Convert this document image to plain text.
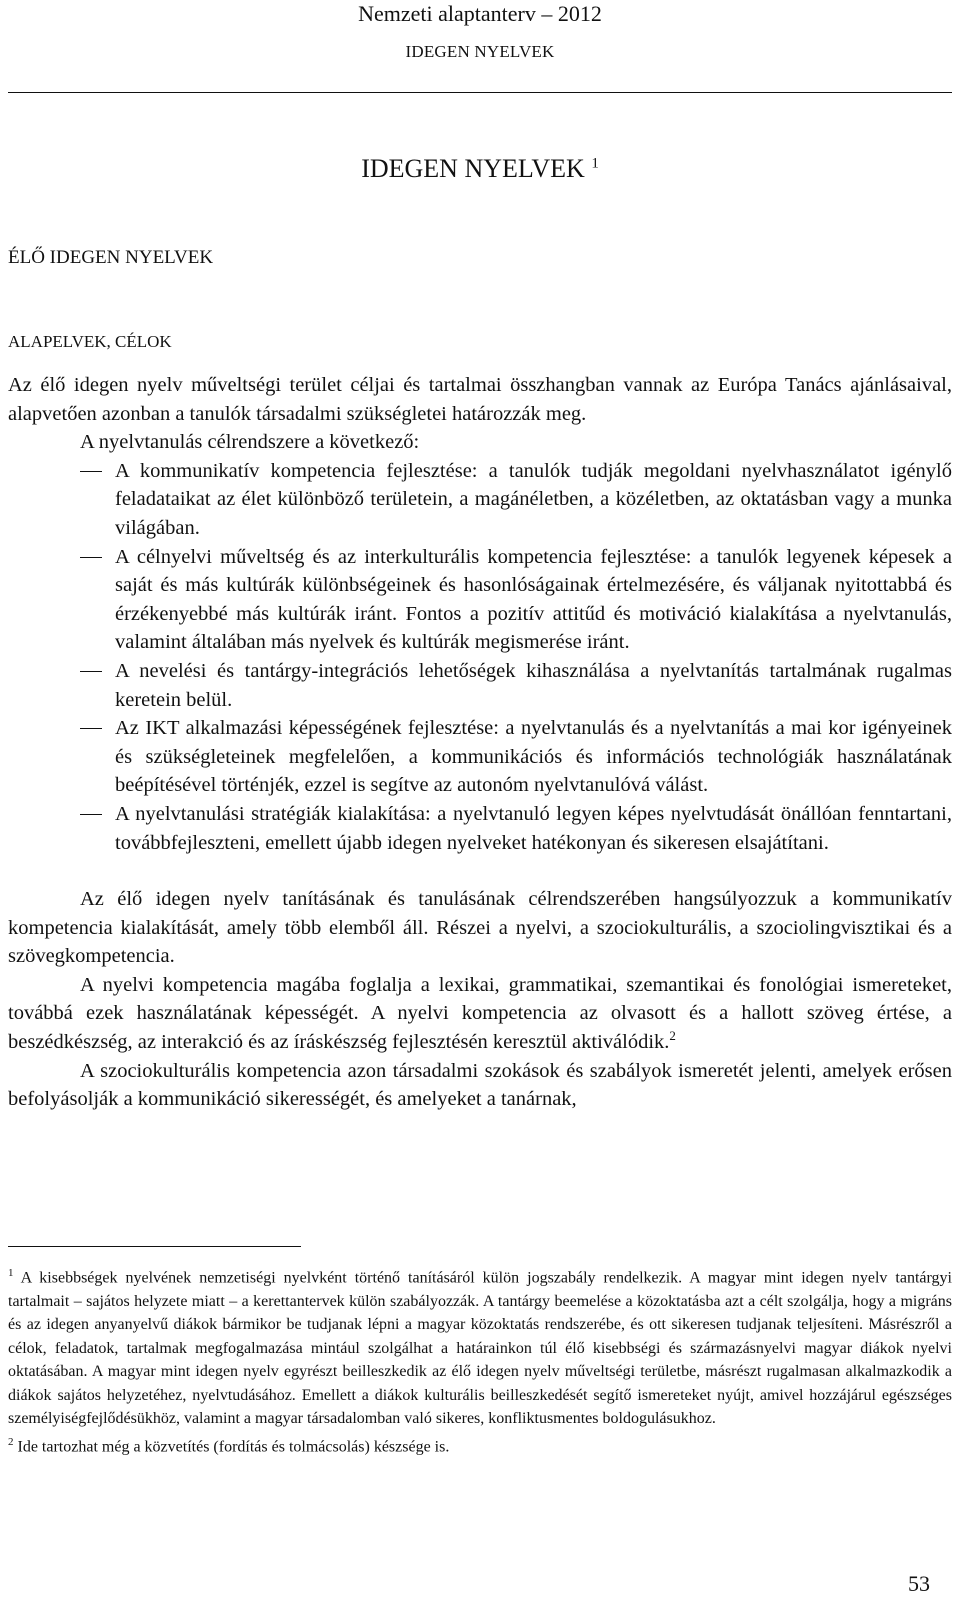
Nemzeti alaptanterv – 2012
IDEGEN NYELVEK
IDEGEN NYELVEK $^1$
ÉLŐ IDEGEN NYELVEK
ALAPELVEK, CÉLOK

Az élő idegen nyelv műveltségi terület céljai és tartalmai összhangban vannak az Európa Tanács ajánlásaival, alapvetően azonban a tanulók társadalmi szükségletei határozzák meg.

A nyelvtanulás célrendszere a következő:

A kommunikatív kompetencia fejlesztése: a tanulók tudják megoldani nyelvhasználatot igénylő feladataikat az élet különböző területein, a magánéletben, a közéletben, az oktatásban vagy a munka világában.
A célnyelvi műveltség és az interkulturális kompetencia fejlesztése: a tanulók legyenek képesek a saját és más kultúrák különbségeinek és hasonlóságainak értelmezésére, és váljanak nyitottabbá és érzékenyebbé más kultúrák iránt. Fontos a pozitív attitűd és motiváció kialakítása a nyelvtanulás, valamint általában más nyelvek és kultúrák megismerése iránt.
A nevelési és tantárgy-integrációs lehetőségek kihasználása a nyelvtanítás tartalmának rugalmas keretein belül.
Az IKT alkalmazási képességének fejlesztése: a nyelvtanulás és a nyelvtanítás a mai kor igényeinek és szükségleteinek megfelelően, a kommunikációs és információs technológiák használatának beépítésével történjék, ezzel is segítve az autonóm nyelvtanulóvá válást.
A nyelvtanulási stratégiák kialakítása: a nyelvtanuló legyen képes nyelvtudását önállóan fenntartani, továbbfejleszteni, emellett újabb idegen nyelveket hatékonyan és sikeresen elsajátítani.

Az élő idegen nyelv tanításának és tanulásának célrendszerében hangsúlyozzuk a kommunikatív kompetencia kialakítását, amely több elemből áll. Részei a nyelvi, a szociokulturális, a szociolingvisztikai és a szövegkompetencia.

A nyelvi kompetencia magába foglalja a lexikai, grammatikai, szemantikai és fonológiai ismereteket, továbbá ezek használatának képességét. A nyelvi kompetencia az olvasott és a hallott szöveg értése, a beszédkészség, az interakció és az íráskészség fejlesztésén keresztül aktiválódik.$^2$

A szociokulturális kompetencia azon társadalmi szokások és szabályok ismeretét jelenti, amelyek erősen befolyásolják a kommunikáció sikerességét, és amelyeket a tanárnak,

$^1$ A kisebbségek nyelvének nemzetiségi nyelvként történő tanításáról külön jogszabály rendelkezik. A magyar mint idegen nyelv tantárgyi tartalmait – sajátos helyzete miatt – a kerettantervek külön szabályozzák. A tantárgy beemelése a közoktatásba azt a célt szolgálja, hogy a migráns és az idegen anyanyelvű diákok bármikor be tudjanak lépni a magyar közoktatás rendszerébe, és ott sikeresen tudjanak teljesíteni. Másrészről a célok, feladatok, tartalmak megfogalmazása mintául szolgálhat a határainkon túl élő kisebbségi és származásnyelvi magyar diákok nyelvi oktatásában. A magyar mint idegen nyelv egyrészt beilleszkedik az élő idegen nyelv műveltségi területbe, másrészt rugalmasan alkalmazkodik a diákok sajátos helyzetéhez, nyelvtudásához. Emellett a diákok kulturális beilleszkedését segítő ismereteket nyújt, amivel hozzájárul egészséges személyiségfejlődésükhöz, valamint a magyar társadalomban való sikeres, konfliktusmentes boldogulásukhoz.

$^2$ Ide tartozhat még a közvetítés (fordítás és tolmácsolás) készsége is.

53
